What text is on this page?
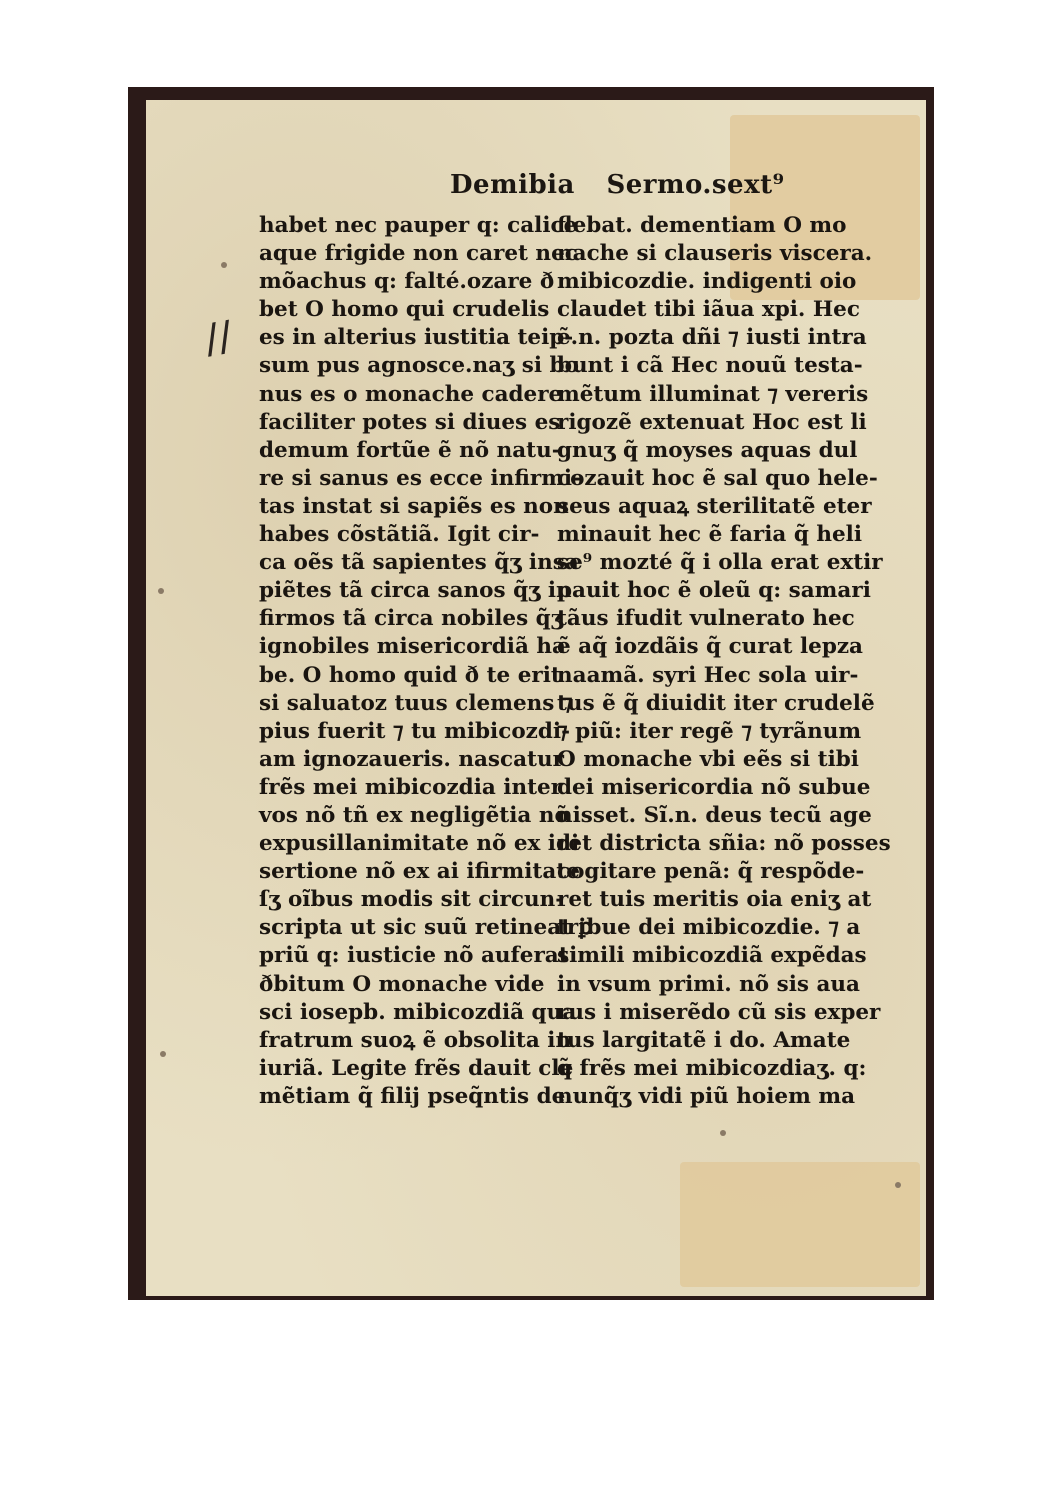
//
Demibia Sermo.sext⁹
habet nec pauper q: calice
aque frigide non caret nec
mõachus q: falté.ozare ð
bet O homo qui crudelis
es in alterius iustitia teip-
sum pus agnosce.naʒ si bo
nus es o monache cadere
faciliter potes si diues es
demum fortũe ẽ nõ natu-
re si sanus es ecce infirmi-
tas instat si sapiẽs es non
habes cõstãtiã. Igit cir-
ca oẽs tã sapientes q̃ʒ insa
piẽtes tã circa sanos q̃ʒ in
firmos tã circa nobiles q̃ʒ
ignobiles misericordiã ha
be. O homo quid ð te erit
si saluatoz tuus clemens ⁊
pius fuerit ⁊ tu mibicozdi-
am ignozaueris. nascatur
frẽs mei mibicozdia inter
vos nõ tñ ex negligẽtia nõ
expusillanimitate nõ ex idi
sertione nõ ex ai ifirmitate
ſʒ oĩbus modis sit circun-
scripta ut sic suũ retineat ꝑ
priũ q: iusticie nõ auferat
ðbitum O monache vide
sci iosepb. mibicozdiã qua
fratrum suoꝝ ẽ obsolita in
iuriã. Legite frẽs dauit cle
mẽtiam q̃ filij pseq̃ntis de
flebat. dementiam O mo
nache si clauseris viscera.
mibicozdie. indigenti oio
claudet tibi iãua xpi. Hec
ẽ.n. pozta dñi ⁊ iusti intra
bunt i cã Hec nouũ testa-
mẽtum illuminat ⁊ vereris
rigozẽ extenuat Hoc est li
gnuʒ q̃ moyses aquas dul
cozauit hoc ẽ sal quo hele-
seus aquaꝝ sterilitatẽ eter
minauit hec ẽ faria q̃ heli
se⁹ mozté q̃ i olla erat extir
pauit hoc ẽ oleũ q: samari
tãus ifudit vulnerato hec
ẽ aq̃ iozdãis q̃ curat lepza
naamã. syri Hec sola uir-
tus ẽ q̃ diuidit iter crudelẽ
⁊ piũ: iter regẽ ⁊ tyrãnum
O monache vbi eẽs si tibi
dei misericordia nõ subue
nisset. Sĩ.n. deus tecũ age
ret districta sñia: nõ posses
cogitare penã: q̃ respõde-
ret tuis meritis oia eniʒ at
tribue dei mibicozdie. ⁊ a
simili mibicozdiã expẽdas
in vsum primi. nõ sis aua
rus i miserẽdo cũ sis exper
tus largitatẽ i do. Amate
q̃ frẽs mei mibicozdiaʒ. q:
nunq̃ʒ vidi piũ hoiem ma
